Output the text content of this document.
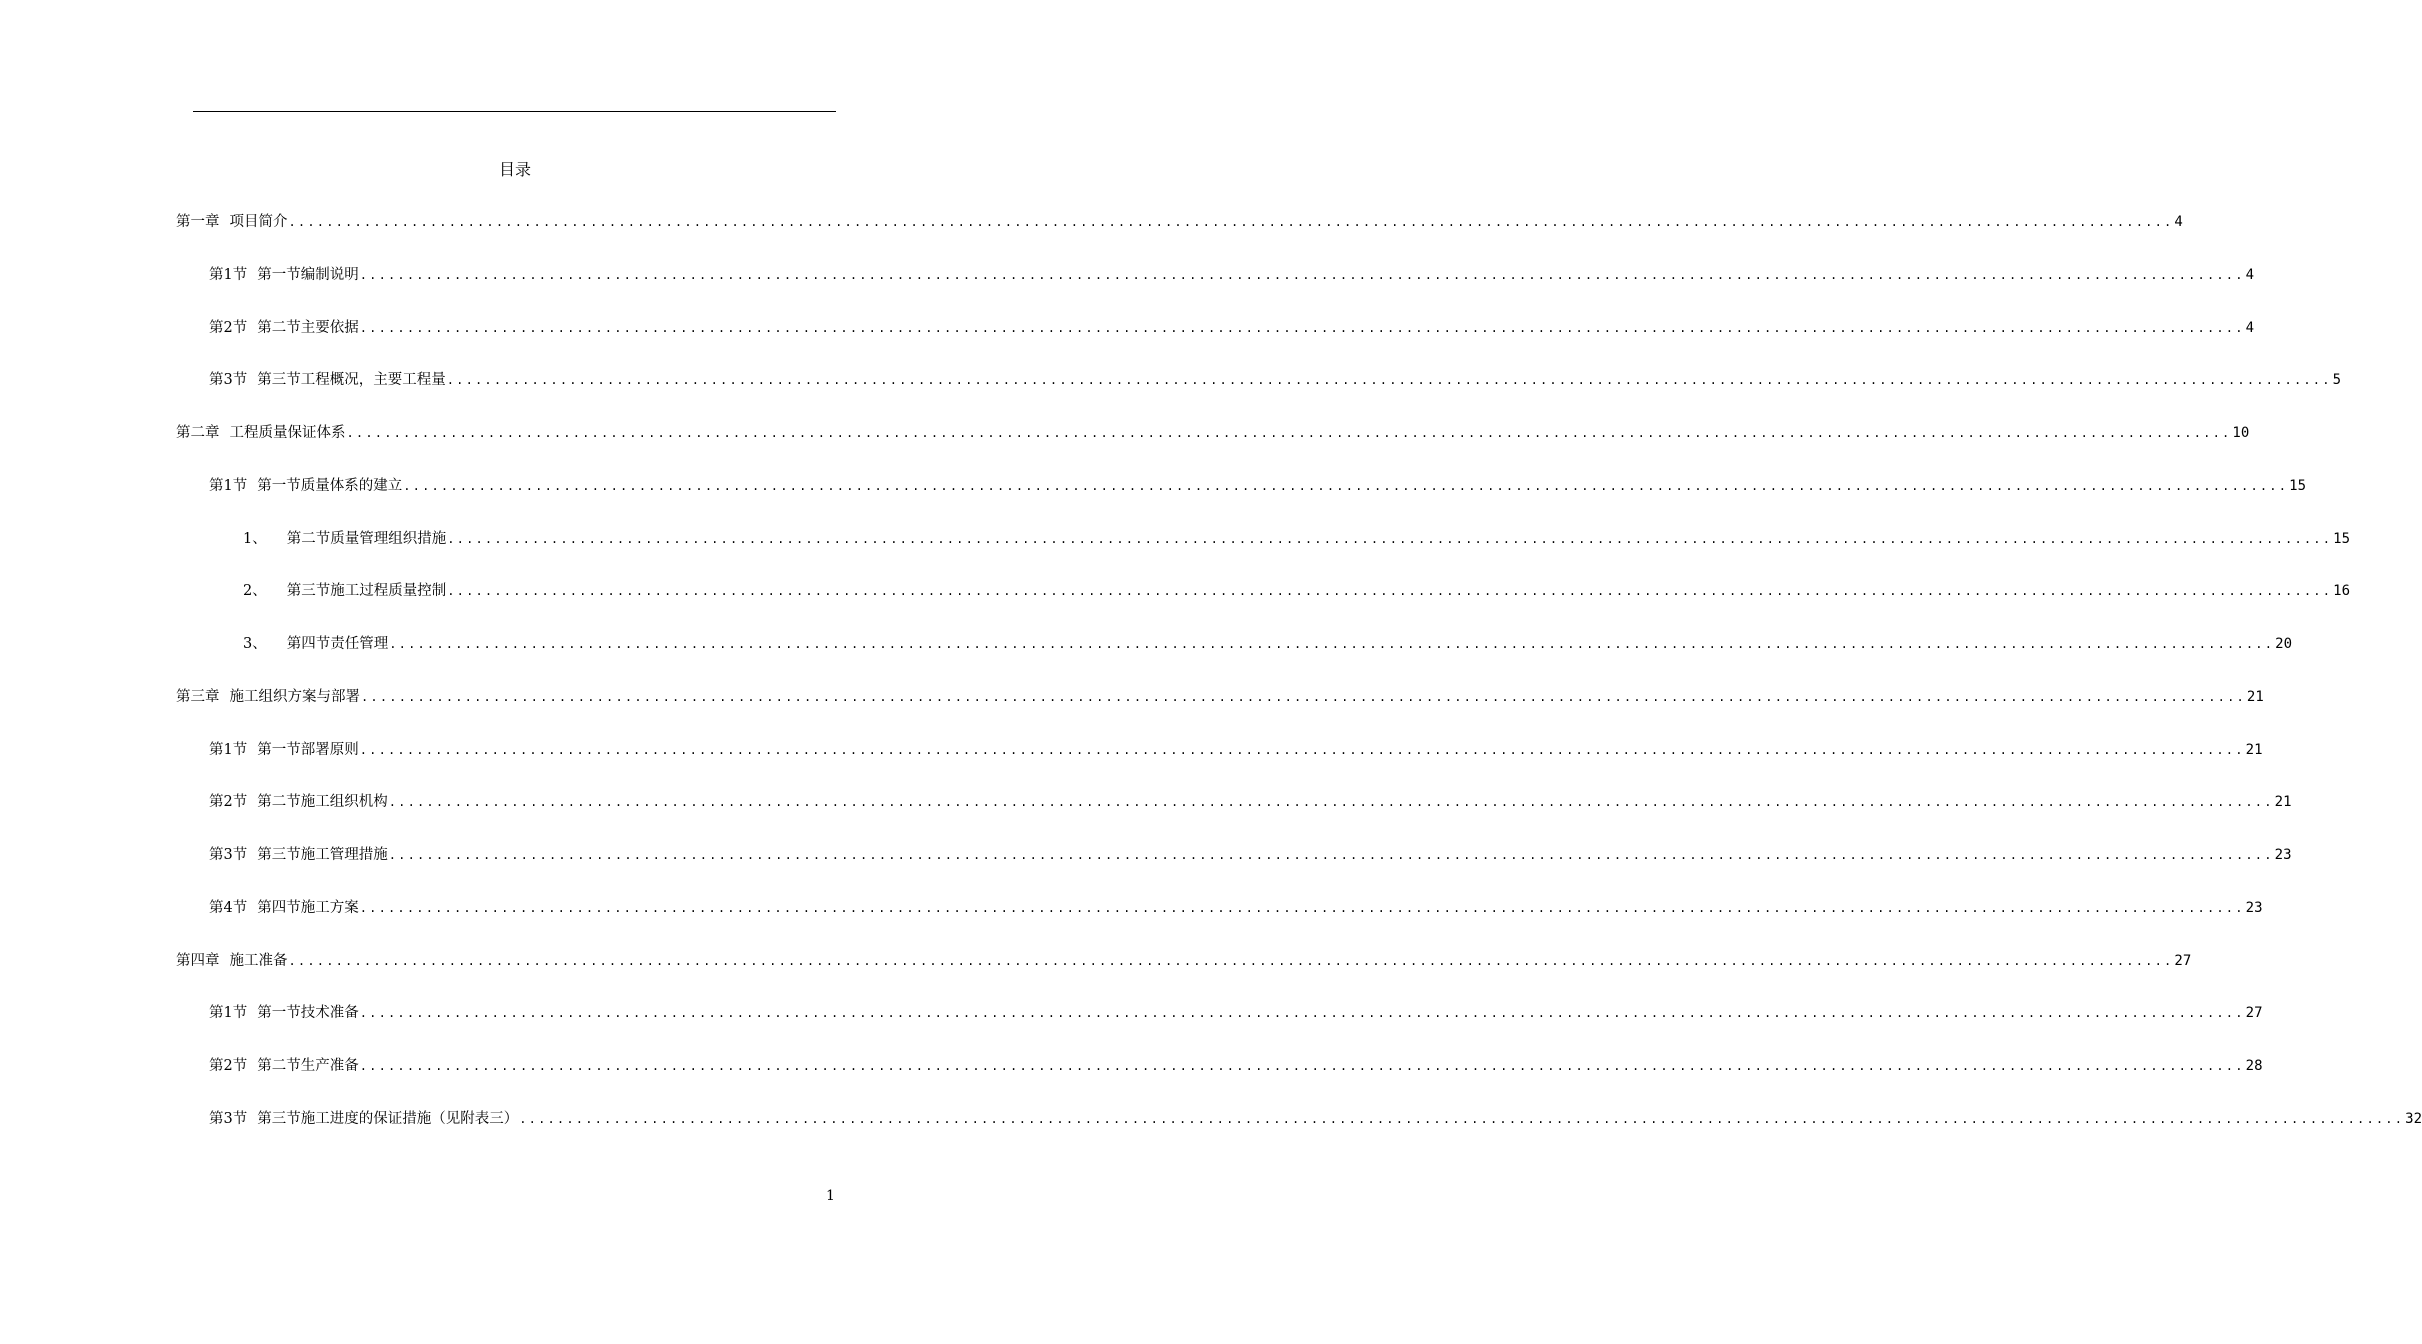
目录
第一章 项目简介 ........................................................................................................................................................................................................ 4
第1节 第一节编制说明 ........................................................................................................................................................................................................ 4
第2节 第二节主要依据 ........................................................................................................................................................................................................ 4
第3节 第三节工程概况，主要工程量 ........................................................................................................................................................................................................ 5
第二章 工程质量保证体系 ........................................................................................................................................................................................................ 10
第1节 第一节质量体系的建立 ........................................................................................................................................................................................................ 15
1、 第二节质量管理组织措施 ........................................................................................................................................................................................................ 15
2、 第三节施工过程质量控制 ........................................................................................................................................................................................................ 16
3、 第四节责任管理 ........................................................................................................................................................................................................ 20
第三章 施工组织方案与部署 ........................................................................................................................................................................................................ 21
第1节 第一节部署原则 ........................................................................................................................................................................................................ 21
第2节 第二节施工组织机构 ........................................................................................................................................................................................................ 21
第3节 第三节施工管理措施 ........................................................................................................................................................................................................ 23
第4节 第四节施工方案 ........................................................................................................................................................................................................ 23
第四章 施工准备 ........................................................................................................................................................................................................ 27
第1节 第一节技术准备 ........................................................................................................................................................................................................ 27
第2节 第二节生产准备 ........................................................................................................................................................................................................ 28
第3节 第三节施工进度的保证措施（见附表三） ........................................................................................................................................................................................................ 32
1
